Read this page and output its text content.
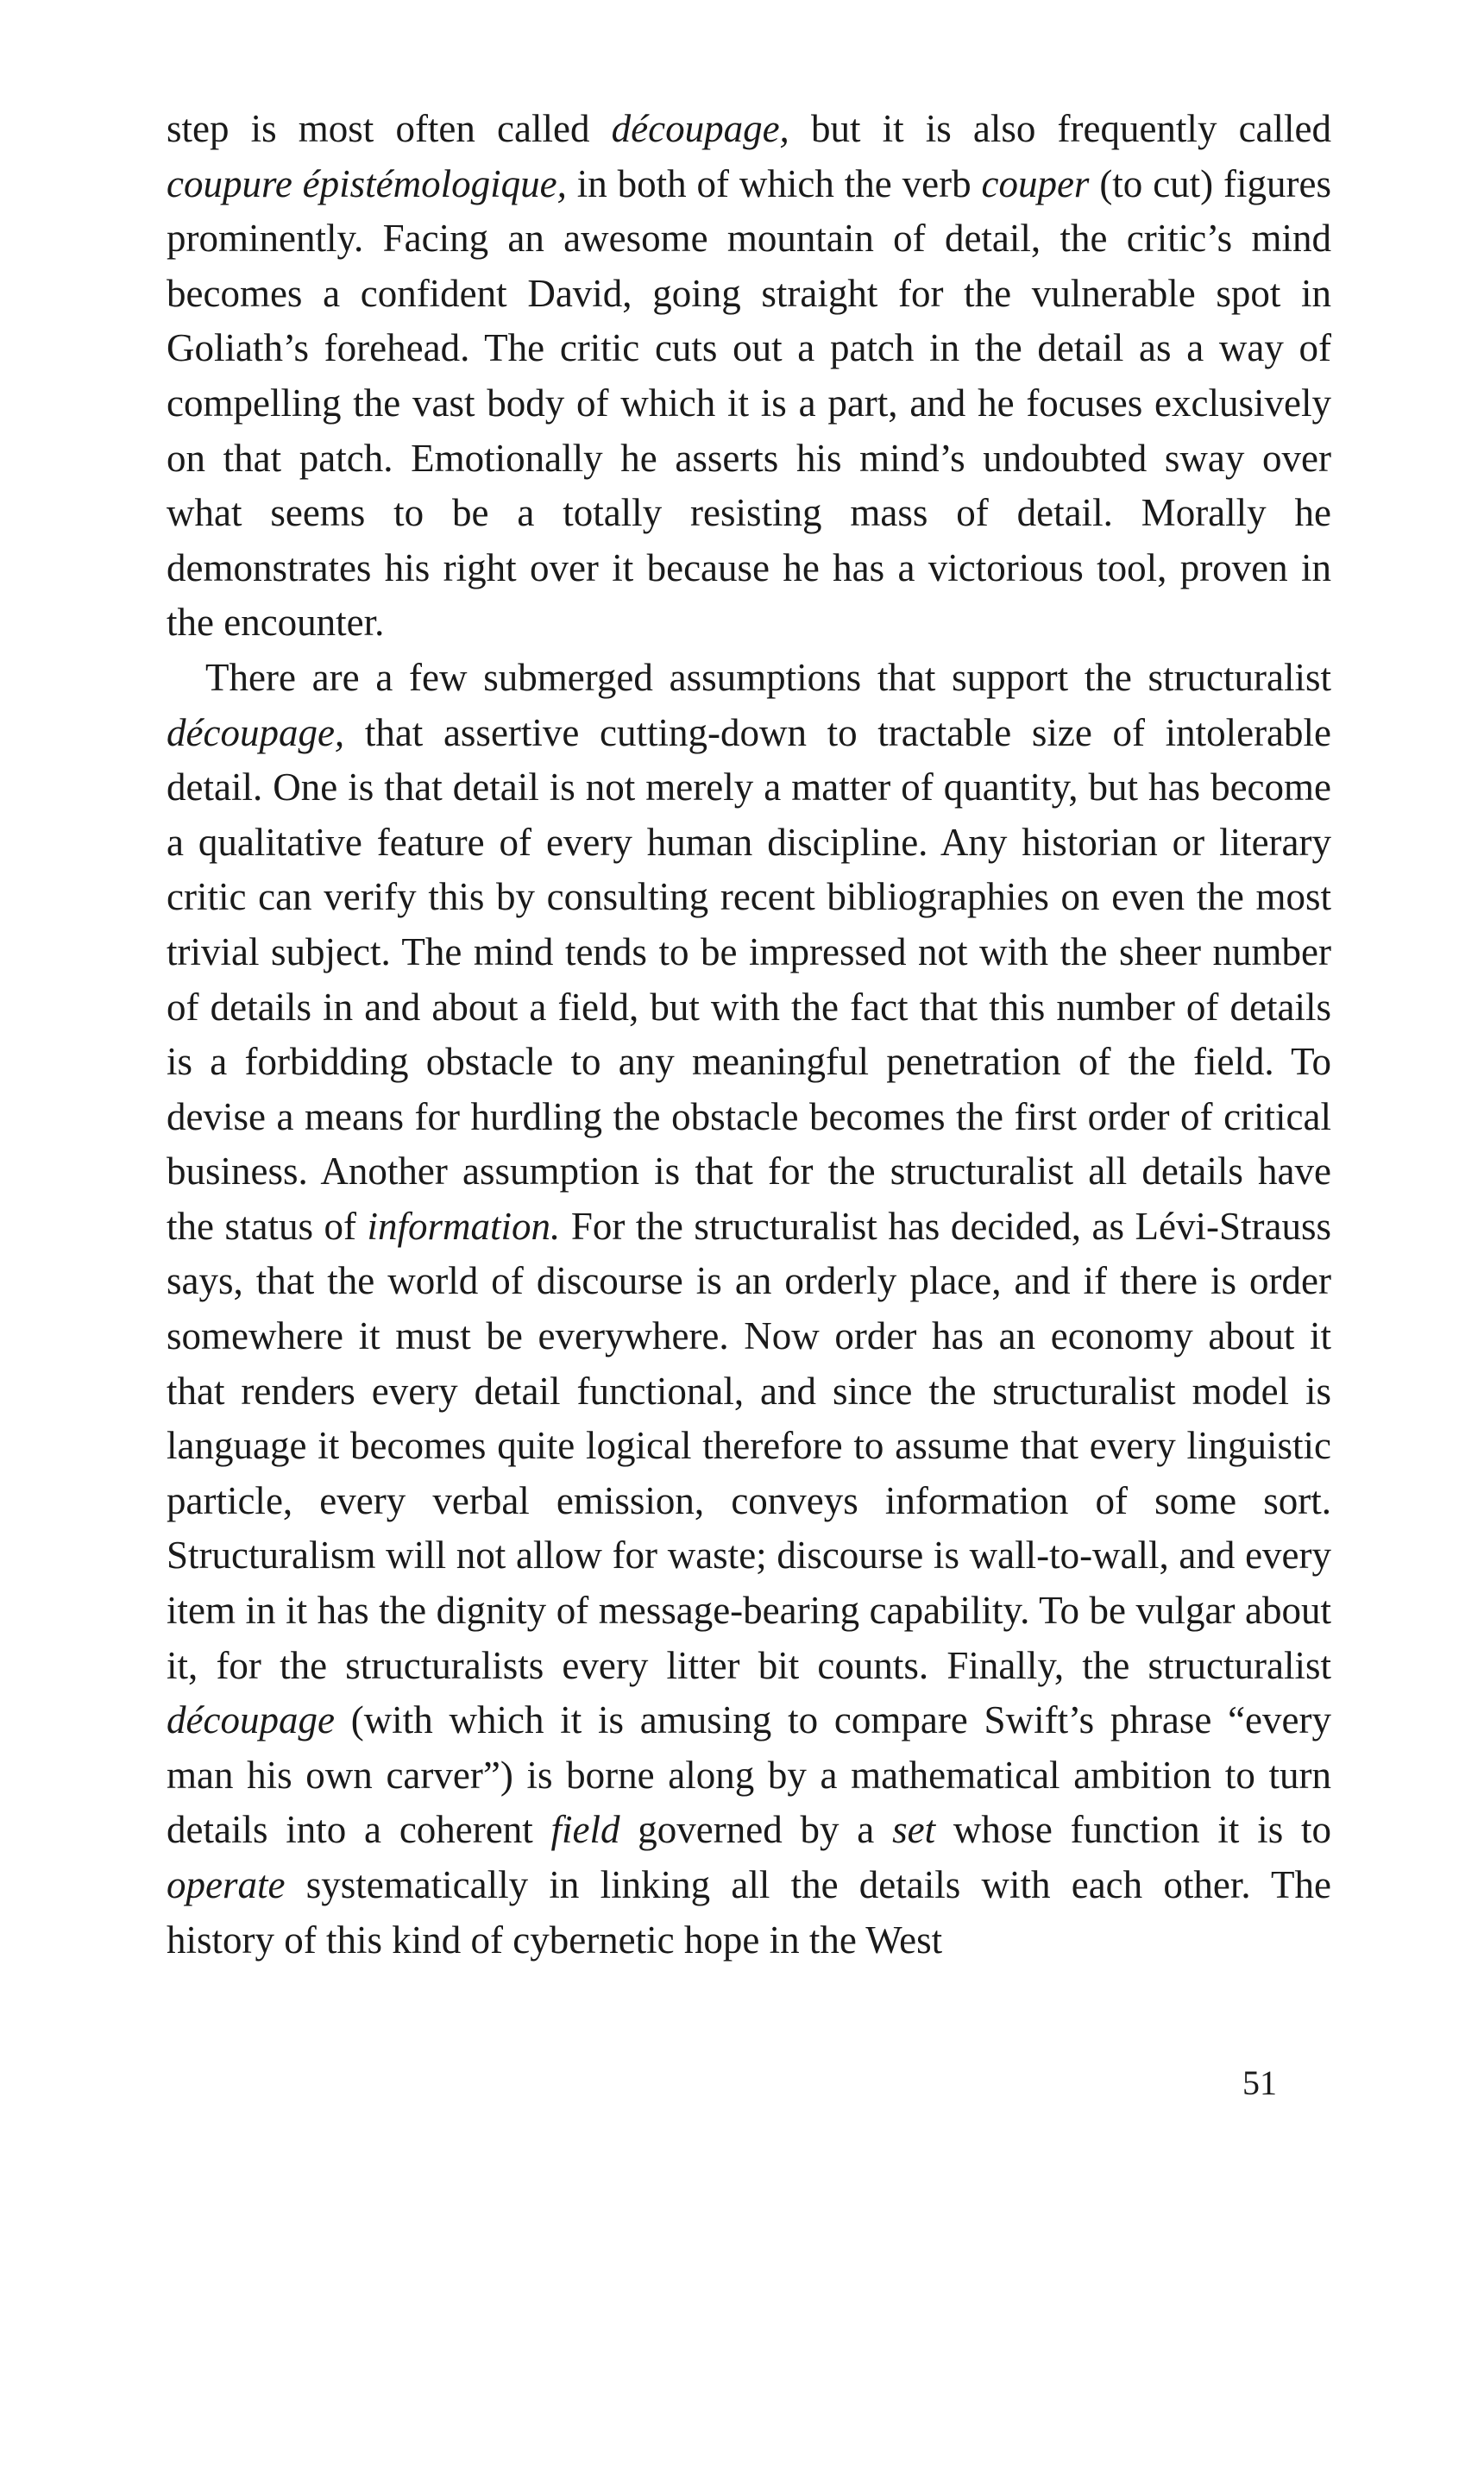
step is most often called découpage, but it is also frequently called coupure épistémologique, in both of which the verb couper (to cut) figures prominently. Facing an awesome mountain of detail, the critic’s mind becomes a confident David, going straight for the vulnerable spot in Goliath’s forehead. The critic cuts out a patch in the detail as a way of compelling the vast body of which it is a part, and he focuses exclusively on that patch. Emotionally he asserts his mind’s undoubted sway over what seems to be a totally resisting mass of detail. Morally he demonstrates his right over it because he has a victorious tool, proven in the encounter.

There are a few submerged assumptions that support the structuralist découpage, that assertive cutting-down to tractable size of intolerable detail. One is that detail is not merely a matter of quantity, but has become a qualitative feature of every human discipline. Any historian or literary critic can verify this by consulting recent bibliographies on even the most trivial subject. The mind tends to be impressed not with the sheer number of details in and about a field, but with the fact that this number of details is a forbidding obstacle to any meaningful penetration of the field. To devise a means for hurdling the obstacle becomes the first order of critical business. Another assumption is that for the structuralist all details have the status of information. For the structuralist has decided, as Lévi-Strauss says, that the world of discourse is an orderly place, and if there is order somewhere it must be everywhere. Now order has an economy about it that renders every detail functional, and since the structuralist model is language it becomes quite logical therefore to assume that every linguistic particle, every verbal emission, conveys information of some sort. Structuralism will not allow for waste; discourse is wall-to-wall, and every item in it has the dignity of message-bearing capability. To be vulgar about it, for the structuralists every litter bit counts. Finally, the structuralist découpage (with which it is amusing to compare Swift’s phrase “every man his own carver”) is borne along by a mathematical ambition to turn details into a coherent field governed by a set whose function it is to operate systematically in linking all the details with each other. The history of this kind of cybernetic hope in the West

51
